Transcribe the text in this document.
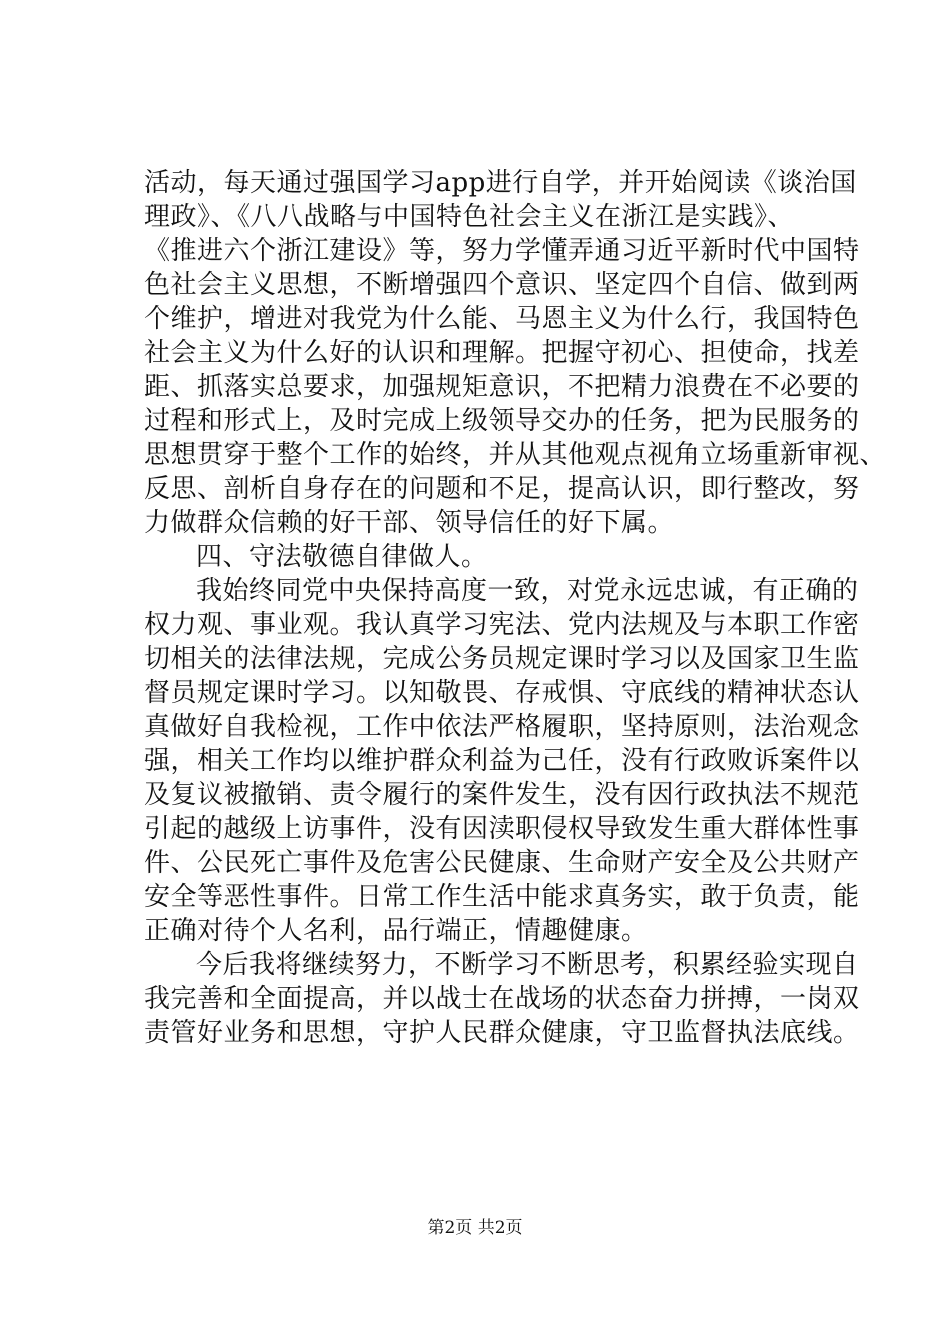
活动，每天通过强国学习app进行自学，并开始阅读《谈治国
理政》、《八八战略与中国特色社会主义在浙江是实践》、
《推进六个浙江建设》等，努力学懂弄通习近平新时代中国特
色社会主义思想，不断增强四个意识、坚定四个自信、做到两
个维护，增进对我党为什么能、马恩主义为什么行，我国特色
社会主义为什么好的认识和理解。把握守初心、担使命，找差
距、抓落实总要求，加强规矩意识，不把精力浪费在不必要的
过程和形式上，及时完成上级领导交办的任务，把为民服务的
思想贯穿于整个工作的始终，并从其他观点视角立场重新审视、
反思、剖析自身存在的问题和不足，提高认识，即行整改，努
力做群众信赖的好干部、领导信任的好下属。
四、守法敬德自律做人。
我始终同党中央保持高度一致，对党永远忠诚，有正确的
权力观、事业观。我认真学习宪法、党内法规及与本职工作密
切相关的法律法规，完成公务员规定课时学习以及国家卫生监
督员规定课时学习。以知敬畏、存戒惧、守底线的精神状态认
真做好自我检视，工作中依法严格履职，坚持原则，法治观念
强，相关工作均以维护群众利益为己任，没有行政败诉案件以
及复议被撤销、责令履行的案件发生，没有因行政执法不规范
引起的越级上访事件，没有因渎职侵权导致发生重大群体性事
件、公民死亡事件及危害公民健康、生命财产安全及公共财产
安全等恶性事件。日常工作生活中能求真务实，敢于负责，能
正确对待个人名利，品行端正，情趣健康。
今后我将继续努力，不断学习不断思考，积累经验实现自
我完善和全面提高，并以战士在战场的状态奋力拼搏，一岗双
责管好业务和思想，守护人民群众健康，守卫监督执法底线。
第2页 共2页
